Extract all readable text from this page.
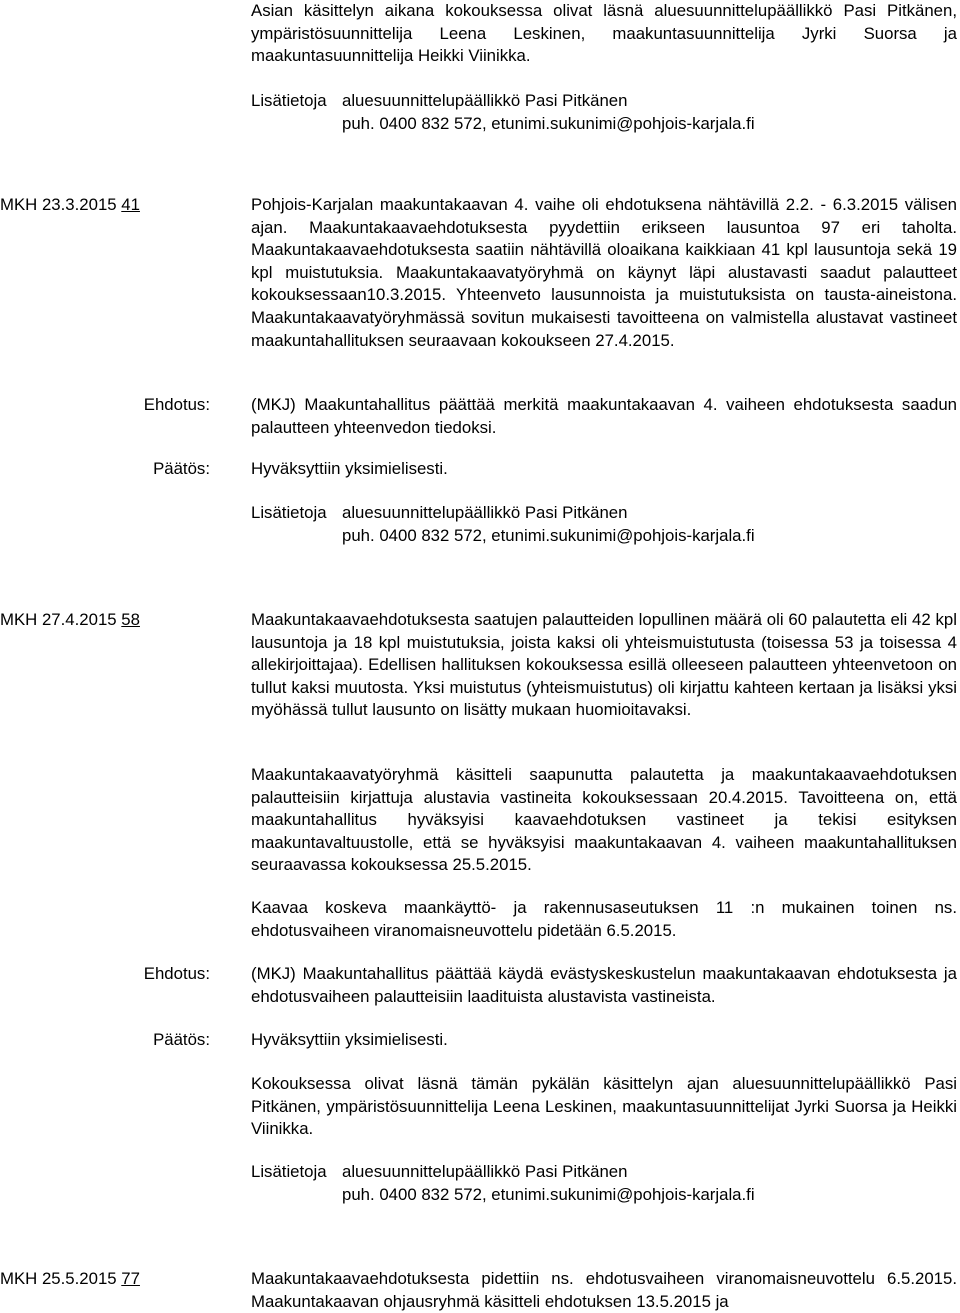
Asian käsittelyn aikana kokouksessa olivat läsnä aluesuunnittelupäällikkö Pasi Pitkänen, ympäristösuunnittelija Leena Leskinen, maakuntasuunnittelija Jyrki Suorsa ja maakuntasuunnittelija Heikki Viinikka.
Lisätietoja aluesuunnittelupäällikkö Pasi Pitkänen
puh. 0400 832 572, etunimi.sukunimi@pohjois-karjala.fi
MKH 23.3.2015 41	Pohjois-Karjalan maakuntakaavan 4. vaihe oli ehdotuksena nähtävillä 2.2. - 6.3.2015 välisen ajan. Maakuntakaavaehdotuksesta pyydettiin erikseen lausuntoa 97 eri taholta. Maakuntakaavaehdotuksesta saatiin nähtävillä oloaikana kaikkiaan 41 kpl lausuntoja sekä 19 kpl muistutuksia. Maakuntakaavatyöryhmä on käynyt läpi alustavasti saadut palautteet kokouksessaan10.3.2015. Yhteenveto lausunnoista ja muistutuksista on tausta-aineistona. Maakuntakaavatyöryhmässä sovitun mukaisesti tavoitteena on valmistella alustavat vastineet maakuntahallituksen seuraavaan kokoukseen 27.4.2015.
Ehdotus: (MKJ) Maakuntahallitus päättää merkitä maakuntakaavan 4. vaiheen ehdotuksesta saadun palautteen yhteenvedon tiedoksi.
Päätös: Hyväksyttiin yksimielisesti.
Lisätietoja aluesuunnittelupäällikkö Pasi Pitkänen
puh. 0400 832 572, etunimi.sukunimi@pohjois-karjala.fi
MKH 27.4.2015 58	Maakuntakaavaehdotuksesta saatujen palautteiden lopullinen määrä oli 60 palautetta eli 42 kpl lausuntoja ja 18 kpl muistutuksia, joista kaksi oli yhteismuistutusta (toisessa 53 ja toisessa 4 allekirjoittajaa). Edellisen hallituksen kokouksessa esillä olleeseen palautteen yhteenvetoon on tullut kaksi muutosta. Yksi muistutus (yhteismuistutus) oli kirjattu kahteen kertaan ja lisäksi yksi myöhässä tullut lausunto on lisätty mukaan huomioitavaksi.
Maakuntakaavatyöryhmä käsitteli saapunutta palautetta ja maakuntakaavaehdotuksen palautteisiin kirjattuja alustavia vastineita kokouksessaan 20.4.2015. Tavoitteena on, että maakuntahallitus hyväksyisi kaavaehdotuksen vastineet ja tekisi esityksen maakuntavaltuustolle, että se hyväksyisi maakuntakaavan 4. vaiheen maakuntahallituksen seuraavassa kokouksessa 25.5.2015.
Kaavaa koskeva maankäyttö- ja rakennusaseutuksen 11 :n mukainen toinen ns. ehdotusvaiheen viranomaisneuvottelu pidetään 6.5.2015.
Ehdotus: (MKJ) Maakuntahallitus päättää käydä evästyskeskustelun maakuntakaavan ehdotuksesta ja ehdotusvaiheen palautteisiin laadituista alustavista vastineista.
Päätös: Hyväksyttiin yksimielisesti.
Kokouksessa olivat läsnä tämän pykälän käsittelyn ajan aluesuunnittelupäällikkö Pasi Pitkänen, ympäristösuunnittelija Leena Leskinen, maakuntasuunnittelijat Jyrki Suorsa ja Heikki Viinikka.
Lisätietoja aluesuunnittelupäällikkö Pasi Pitkänen
puh. 0400 832 572, etunimi.sukunimi@pohjois-karjala.fi
MKH 25.5.2015 77	Maakuntakaavaehdotuksesta pidettiin ns. ehdotusvaiheen viranomaisneuvottelu 6.5.2015. Maakuntakaavan ohjausryhmä käsitteli ehdotuksen 13.5.2015 ja
